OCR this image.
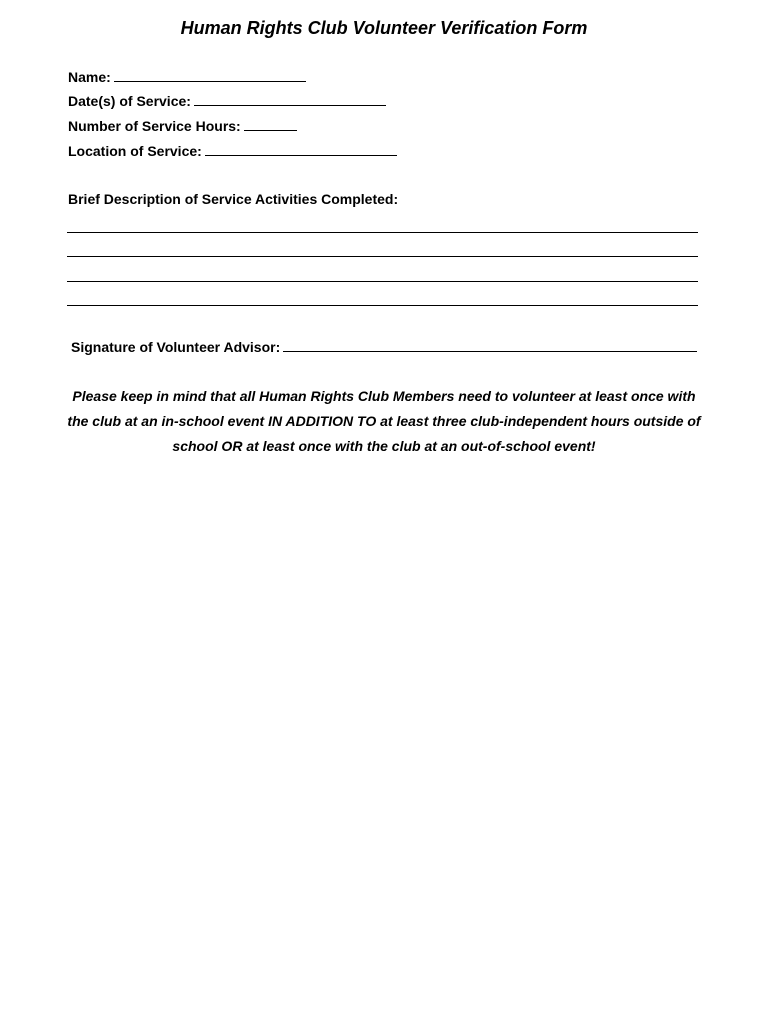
Human Rights Club Volunteer Verification Form
Name:
Date(s) of Service:
Number of Service Hours:
Location of Service:
Brief Description of Service Activities Completed:
Signature of Volunteer Advisor:
Please keep in mind that all Human Rights Club Members need to volunteer at least once with the club at an in-school event IN ADDITION TO at least three club-independent hours outside of school OR at least once with the club at an out-of-school event!
